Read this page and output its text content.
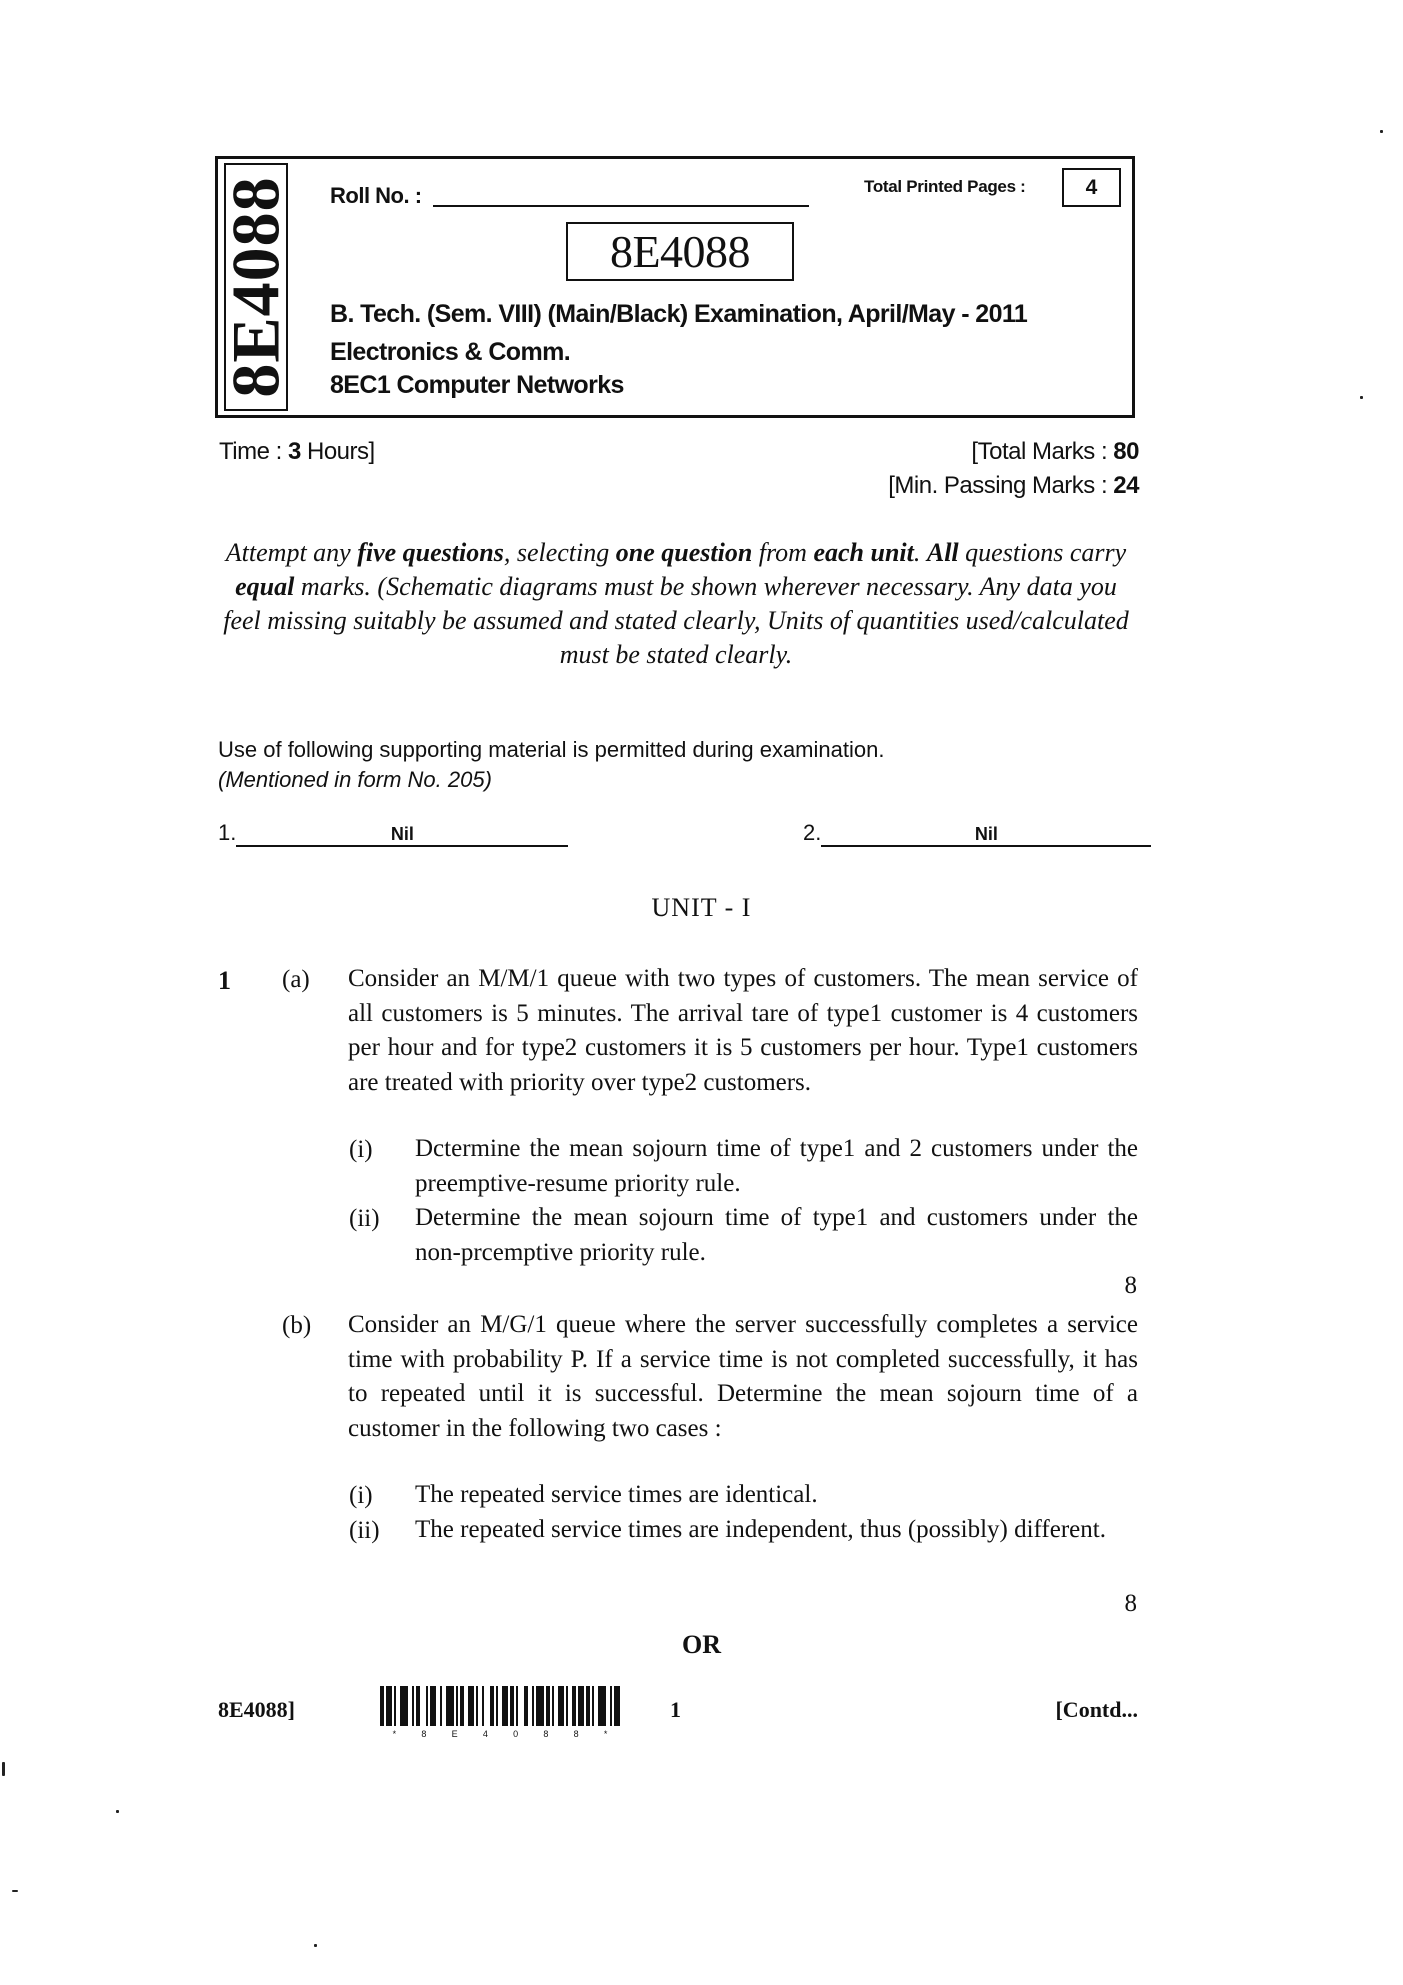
8E4088 Roll No. :	Total Printed Pages :	4
8E4088
B. Tech. (Sem. VIII) (Main/Black) Examination, April/May - 2011
Electronics & Comm.
8EC1 Computer Networks
Time : 3 Hours]	[Total Marks : 80
[Min. Passing Marks : 24
Attempt any five questions, selecting one question from each unit. All questions carry equal marks. (Schematic diagrams must be shown wherever necessary. Any data you feel missing suitably be assumed and stated clearly, Units of quantities used/calculated must be stated clearly.
Use of following supporting material is permitted during examination.
(Mentioned in form No. 205)
1.	Nil	2.	Nil
UNIT - I
1 (a) Consider an M/M/1 queue with two types of customers. The mean service of all customers is 5 minutes. The arrival tare of type1 customer is 4 customers per hour and for type2 customers it is 5 customers per hour. Type1 customers are treated with priority over type2 customers.
(i) Dctermine the mean sojourn time of type1 and 2 customers under the preemptive-resume priority rule.
(ii) Determine the mean sojourn time of type1 and customers under the non-prcemptive priority rule.
8
(b) Consider an M/G/1 queue where the server successfully completes a service time with probability P. If a service time is not completed successfully, it has to repeated until it is successful. Determine the mean sojourn time of a customer in the following two cases :
(i) The repeated service times are identical.
(ii) The repeated service times are independent, thus (possibly) different.
8
OR
8E4088]
*	8	E	4	0	8	8	*
1	[Contd...
